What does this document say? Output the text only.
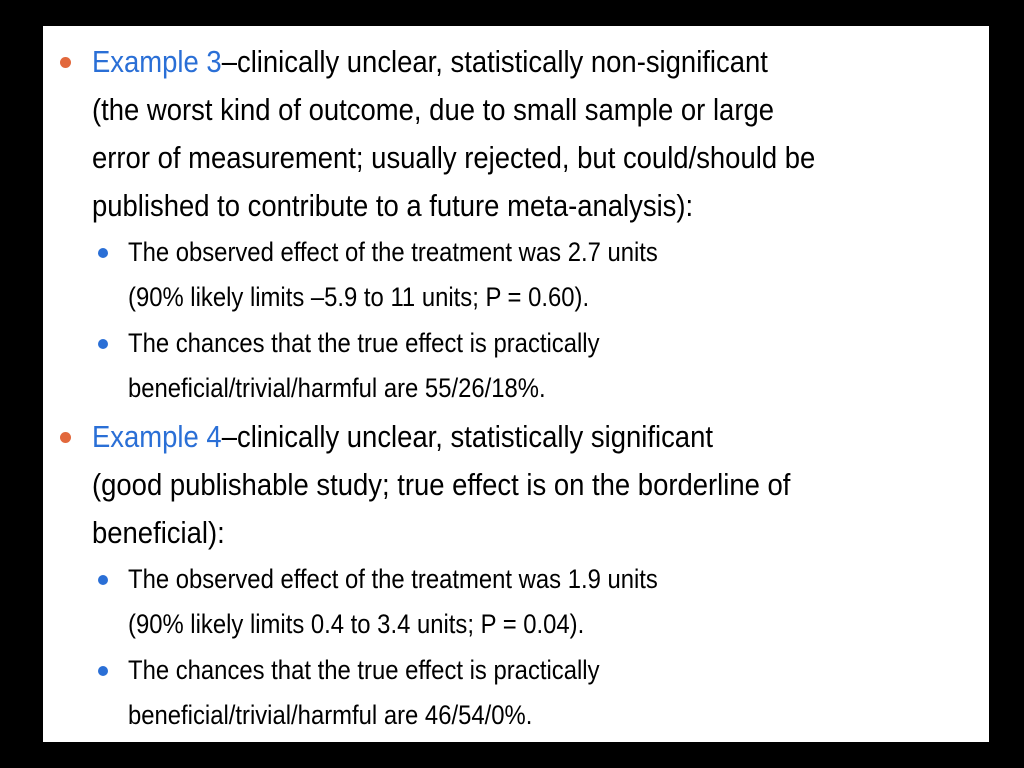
Example 3–clinically unclear, statistically non-significant
(the worst kind of outcome, due to small sample or large
error of measurement; usually rejected, but could/should be
published to contribute to a future meta-analysis):
The observed effect of the treatment was 2.7 units
(90% likely limits –5.9 to 11 units; P = 0.60).
The chances that the true effect is practically
beneficial/trivial/harmful are 55/26/18%.
Example 4–clinically unclear, statistically significant
(good publishable study; true effect is on the borderline of
beneficial):
The observed effect of the treatment was 1.9 units
(90% likely limits 0.4 to 3.4 units; P = 0.04).
The chances that the true effect is practically
beneficial/trivial/harmful are 46/54/0%.
